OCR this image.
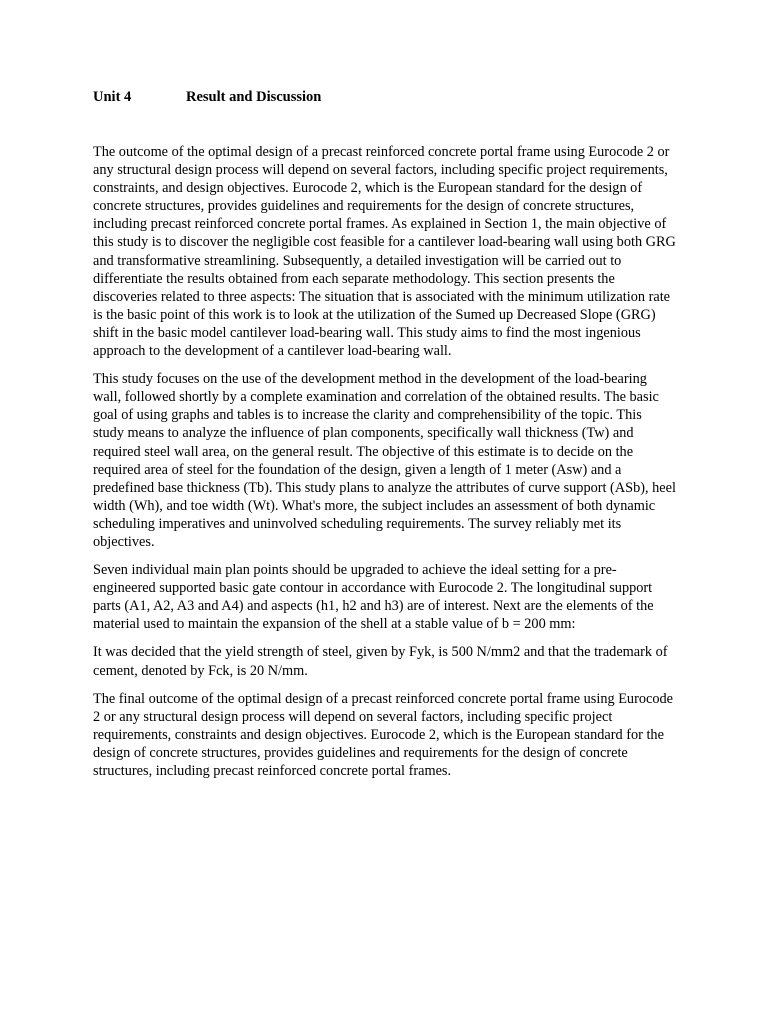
Unit 4	Result and Discussion

The outcome of the optimal design of a precast reinforced concrete portal frame using Eurocode 2 or any structural design process will depend on several factors, including specific project requirements, constraints, and design objectives. Eurocode 2, which is the European standard for the design of concrete structures, provides guidelines and requirements for the design of concrete structures, including precast reinforced concrete portal frames. As explained in Section 1, the main objective of this study is to discover the negligible cost feasible for a cantilever load-bearing wall using both GRG and transformative streamlining. Subsequently, a detailed investigation will be carried out to differentiate the results obtained from each separate methodology. This section presents the discoveries related to three aspects: The situation that is associated with the minimum utilization rate is the basic point of this work is to look at the utilization of the Sumed up Decreased Slope (GRG) shift in the basic model cantilever load-bearing wall. This study aims to find the most ingenious approach to the development of a cantilever load-bearing wall.

This study focuses on the use of the development method in the development of the load-bearing wall, followed shortly by a complete examination and correlation of the obtained results. The basic goal of using graphs and tables is to increase the clarity and comprehensibility of the topic. This study means to analyze the influence of plan components, specifically wall thickness (Tw) and required steel wall area, on the general result. The objective of this estimate is to decide on the required area of steel for the foundation of the design, given a length of 1 meter (Asw) and a predefined base thickness (Tb). This study plans to analyze the attributes of curve support (ASb), heel width (Wh), and toe width (Wt). What's more, the subject includes an assessment of both dynamic scheduling imperatives and uninvolved scheduling requirements. The survey reliably met its objectives.

Seven individual main plan points should be upgraded to achieve the ideal setting for a pre-engineered supported basic gate contour in accordance with Eurocode 2. The longitudinal support parts (A1, A2, A3 and A4) and aspects (h1, h2 and h3) are of interest. Next are the elements of the material used to maintain the expansion of the shell at a stable value of b = 200 mm:

It was decided that the yield strength of steel, given by Fyk, is 500 N/mm2 and that the trademark of cement, denoted by Fck, is 20 N/mm.

The final outcome of the optimal design of a precast reinforced concrete portal frame using Eurocode 2 or any structural design process will depend on several factors, including specific project requirements, constraints and design objectives. Eurocode 2, which is the European standard for the design of concrete structures, provides guidelines and requirements for the design of concrete structures, including precast reinforced concrete portal frames.
